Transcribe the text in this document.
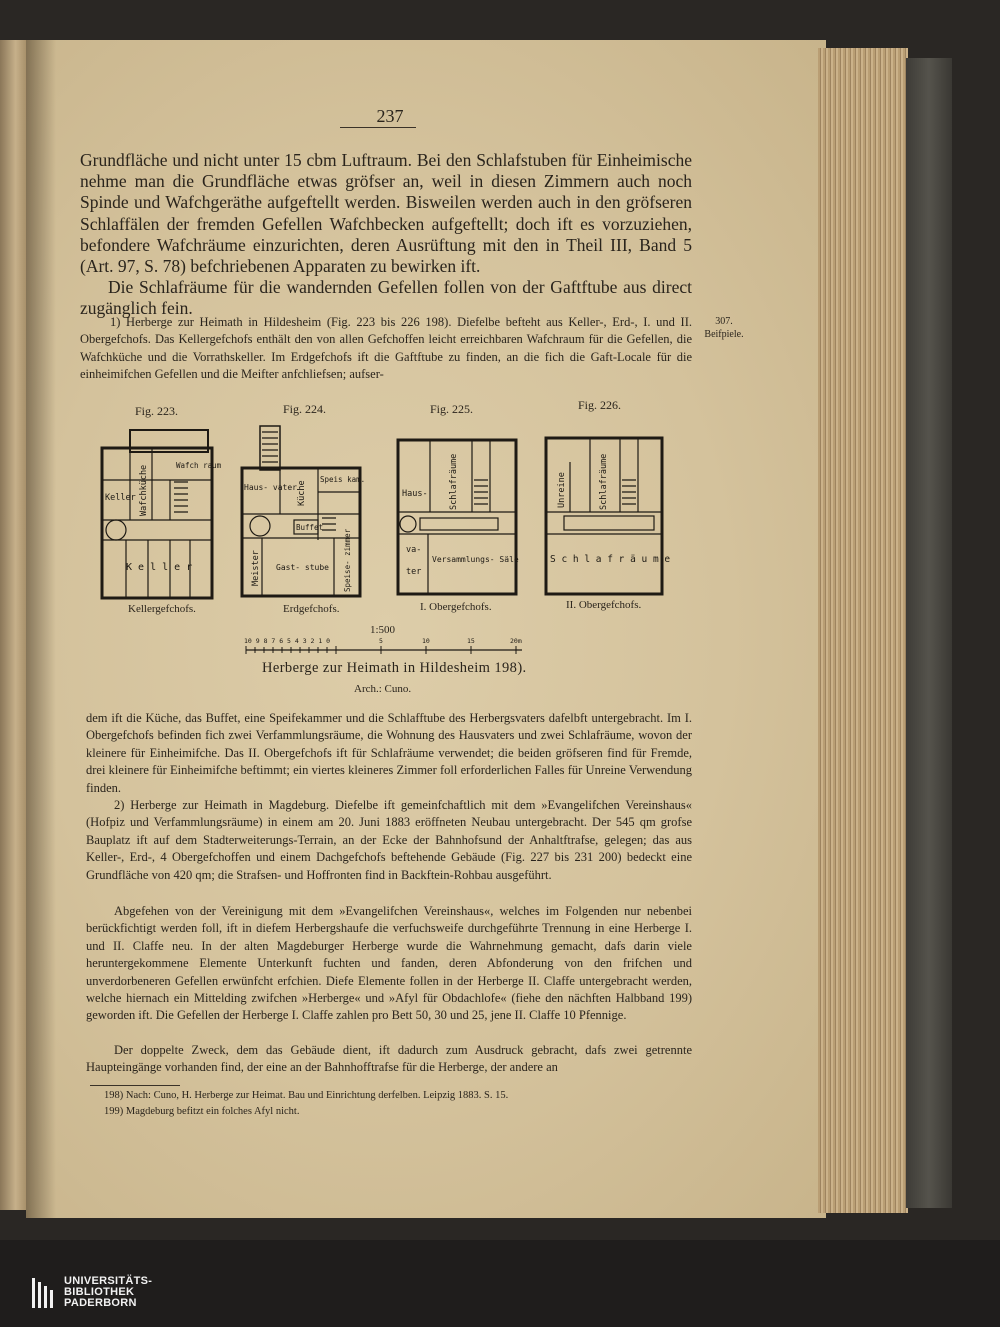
237

Grundfläche und nicht unter 15 cbm Luftraum. Bei den Schlafstuben für Einheimische nehme man die Grundfläche etwas gröfser an, weil in diesen Zimmern auch noch Spinde und Wafchgeräthe aufgeftellt werden. Bisweilen werden auch in den gröfseren Schlaffälen der fremden Gefellen Wafchbecken aufgeftellt; doch ift es vorzuziehen, befondere Wafchräume einzurichten, deren Ausrüftung mit den in Theil III, Band 5 (Art. 97, S. 78) befchriebenen Apparaten zu bewirken ift.

Die Schlafräume für die wandernden Gefellen follen von der Gaftftube aus direct zugänglich fein.

1) Herberge zur Heimath in Hildesheim (Fig. 223 bis 226 198). Diefelbe befteht aus Keller-, Erd-, I. und II. Obergefchofs. Das Kellergefchofs enthält den von allen Gefchoffen leicht erreichbaren Wafchraum für die Gefellen, die Wafchküche und die Vorrathskeller. Im Erdgefchofs ift die Gaftftube zu finden, an die fich die Gaft-Locale für die einheimifchen Gefellen und die Meifter anfchliefsen; aufser-

307.
Beifpiele.
Fig. 223.	Fig. 224.	Fig. 225.	Fig. 226.
Keller Wafchküche	Wafch raum
K e l l e r
Haus- vater Küche
Speis kam.
Buffet
Meister Gast- stube Speise- zimmer
Haus-	Schlafräume
va-
ter
Versammlungs- Säle
Unreine	Schlafräume
S c h l a f r ä u m e
Kellergefchofs.	Erdgefchofs.	I. Obergefchofs.	II. Obergefchofs.
1:500
10 9 8 7 6 5 4 3 2 1 0	5	10	15	20m
Herberge zur Heimath in Hildesheim 198).
Arch.: Cuno.

dem ift die Küche, das Buffet, eine Speifekammer und die Schlafftube des Herbergsvaters dafelbft untergebracht. Im I. Obergefchofs befinden fich zwei Verfammlungsräume, die Wohnung des Hausvaters und zwei Schlafräume, wovon der kleinere für Einheimifche. Das II. Obergefchofs ift für Schlafräume verwendet; die beiden gröfseren find für Fremde, drei kleinere für Einheimifche beftimmt; ein viertes kleineres Zimmer foll erforderlichen Falles für Unreine Verwendung finden.

2) Herberge zur Heimath in Magdeburg. Diefelbe ift gemeinfchaftlich mit dem »Evangelifchen Vereinshaus« (Hofpiz und Verfammlungsräume) in einem am 20. Juni 1883 eröffneten Neubau untergebracht. Der 545 qm grofse Bauplatz ift auf dem Stadterweiterungs-Terrain, an der Ecke der Bahnhofsund der Anhaltftrafse, gelegen; das aus Keller-, Erd-, 4 Obergefchoffen und einem Dachgefchofs beftehende Gebäude (Fig. 227 bis 231 200) bedeckt eine Grundfläche von 420 qm; die Strafsen- und Hoffronten find in Backftein-Rohbau ausgeführt.

Abgefehen von der Vereinigung mit dem »Evangelifchen Vereinshaus«, welches im Folgenden nur nebenbei berückfichtigt werden foll, ift in diefem Herbergshaufe die verfuchsweife durchgeführte Trennung in eine Herberge I. und II. Claffe neu. In der alten Magdeburger Herberge wurde die Wahrnehmung gemacht, dafs darin viele heruntergekommene Elemente Unterkunft fuchten und fanden, deren Abfonderung von den frifchen und unverdorbeneren Gefellen erwünfcht erfchien. Diefe Elemente follen in der Herberge II. Claffe untergebracht werden, welche hiernach ein Mittelding zwifchen »Herberge« und »Afyl für Obdachlofe« (fiehe den nächften Halbband 199) geworden ift. Die Gefellen der Herberge I. Claffe zahlen pro Bett 50, 30 und 25, jene II. Claffe 10 Pfennige.

Der doppelte Zweck, dem das Gebäude dient, ift dadurch zum Ausdruck gebracht, dafs zwei getrennte Haupteingänge vorhanden find, der eine an der Bahnhofftrafse für die Herberge, der andere an

198) Nach: Cuno, H. Herberge zur Heimat. Bau und Einrichtung derfelben. Leipzig 1883. S. 15.

199) Magdeburg befitzt ein folches Afyl nicht.

UNIVERSITÄTS-
BIBLIOTHEK
PADERBORN
